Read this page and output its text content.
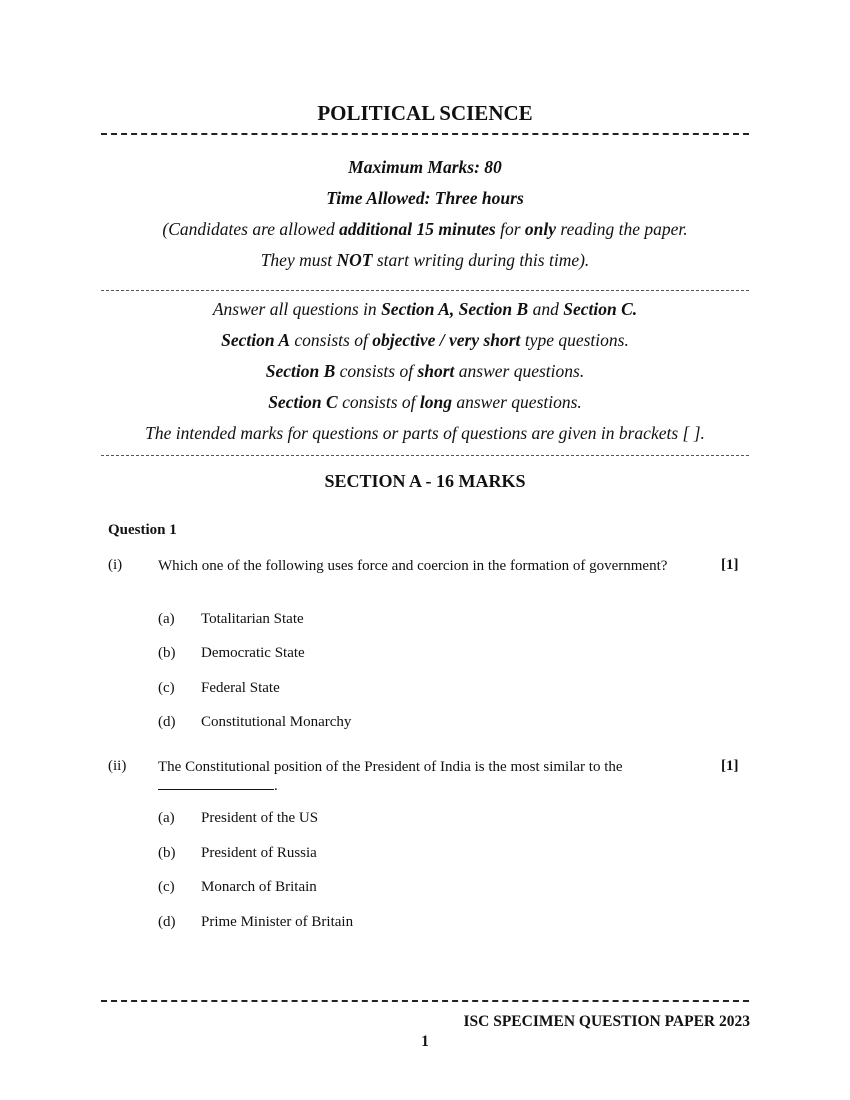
POLITICAL SCIENCE
Maximum Marks: 80
Time Allowed: Three hours
(Candidates are allowed additional 15 minutes for only reading the paper.
They must NOT start writing during this time).
Answer all questions in Section A, Section B and Section C.
Section A consists of objective / very short type questions.
Section B consists of short answer questions.
Section C consists of long answer questions.
The intended marks for questions or parts of questions are given in brackets [ ].
SECTION A - 16 MARKS
Question 1
(i) Which one of the following uses force and coercion in the formation of government?	[1]
(a) Totalitarian State
(b) Democratic State
(c) Federal State
(d) Constitutional Monarchy
(ii) The Constitutional position of the President of India is the most similar to the
.
[1]
(a) President of the US
(b) President of Russia
(c) Monarch of Britain
(d) Prime Minister of Britain
ISC SPECIMEN QUESTION PAPER 2023
1
